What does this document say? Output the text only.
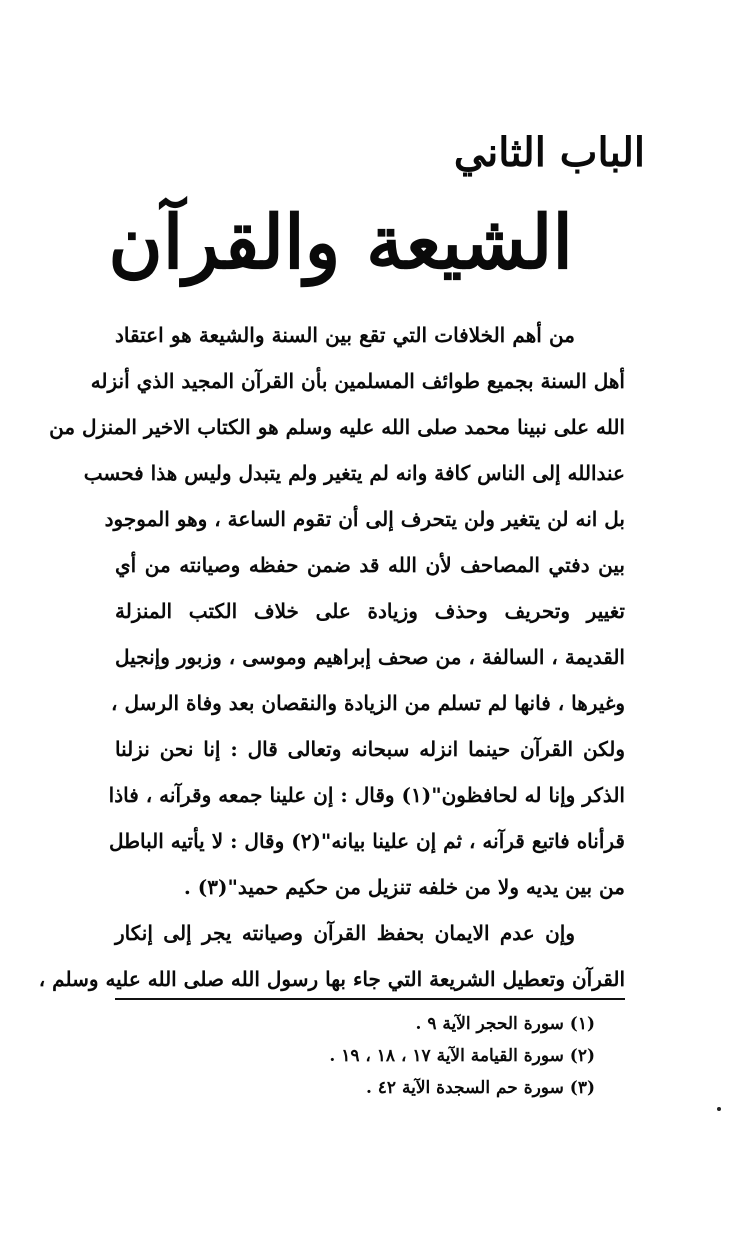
الباب الثاني
الشيعة والقرآن
من أهم الخلافات التي تقع بين السنة والشيعة هو اعتقاد
أهل السنة بجميع طوائف المسلمين بأن القرآن المجيد الذي أنزله
الله على نبينا محمد صلى الله عليه وسلم هو الكتاب الاخير المنزل من
عندالله إلى الناس كافة وانه لم يتغير ولم يتبدل وليس هذا فحسب
بل انه لن يتغير ولن يتحرف إلى أن تقوم الساعة ، وهو الموجود
بين دفتي المصاحف لأن الله قد ضمن حفظه وصيانته من أي
تغيير وتحريف وحذف وزيادة على خلاف الكتب المنزلة
القديمة ، السالفة ، من صحف إبراهيم وموسى ، وزبور وإنجيل
وغيرها ، فانها لم تسلم من الزيادة والنقصان بعد وفاة الرسل ،
ولكن القرآن حينما انزله سبحانه وتعالى قال : إنا نحن نزلنا
الذكر وإنا له لحافظون"(١) وقال : إن علينا جمعه وقرآنه ، فاذا
قرأناه فاتبع قرآنه ، ثم إن علينا بيانه"(٢) وقال : لا يأتيه الباطل
من بين يديه ولا من خلفه تنزيل من حكيم حميد"(٣) .
وإن عدم الايمان بحفظ القرآن وصيانته يجر إلى إنكار
القرآن وتعطيل الشريعة التي جاء بها رسول الله صلى الله عليه وسلم ،
(١) سورة الحجر الآية ٩ .
(٢) سورة القيامة الآية ١٧ ، ١٨ ، ١٩ .
(٣) سورة حم السجدة الآية ٤٢ .
